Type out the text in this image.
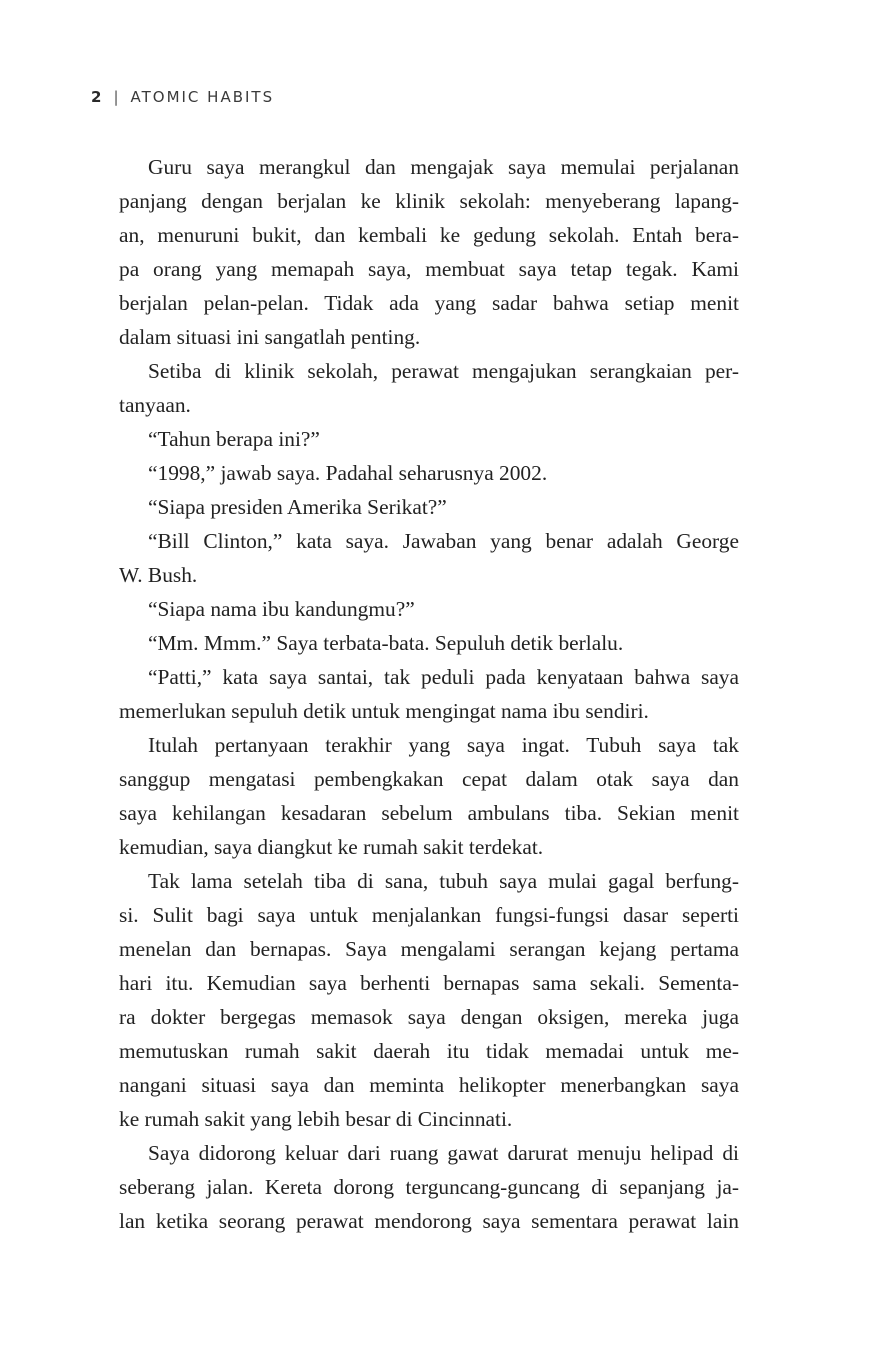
2 | ATOMIC HABITS
Guru saya merangkul dan mengajak saya memulai perjalanan
panjang dengan berjalan ke klinik sekolah: menyeberang lapang-
an, menuruni bukit, dan kembali ke gedung sekolah. Entah bera-
pa orang yang memapah saya, membuat saya tetap tegak. Kami
berjalan pelan-pelan. Tidak ada yang sadar bahwa setiap menit
dalam situasi ini sangatlah penting.
Setiba di klinik sekolah, perawat mengajukan serangkaian per-
tanyaan.
“Tahun berapa ini?”
“1998,” jawab saya. Padahal seharusnya 2002.
“Siapa presiden Amerika Serikat?”
“Bill Clinton,” kata saya. Jawaban yang benar adalah George
W. Bush.
“Siapa nama ibu kandungmu?”
“Mm. Mmm.” Saya terbata-bata. Sepuluh detik berlalu.
“Patti,” kata saya santai, tak peduli pada kenyataan bahwa saya
memerlukan sepuluh detik untuk mengingat nama ibu sendiri.
Itulah pertanyaan terakhir yang saya ingat. Tubuh saya tak
sanggup mengatasi pembengkakan cepat dalam otak saya dan
saya kehilangan kesadaran sebelum ambulans tiba. Sekian menit
kemudian, saya diangkut ke rumah sakit terdekat.
Tak lama setelah tiba di sana, tubuh saya mulai gagal berfung-
si. Sulit bagi saya untuk menjalankan fungsi-fungsi dasar seperti
menelan dan bernapas. Saya mengalami serangan kejang pertama
hari itu. Kemudian saya berhenti bernapas sama sekali. Sementa-
ra dokter bergegas memasok saya dengan oksigen, mereka juga
memutuskan rumah sakit daerah itu tidak memadai untuk me-
nangani situasi saya dan meminta helikopter menerbangkan saya
ke rumah sakit yang lebih besar di Cincinnati.
Saya didorong keluar dari ruang gawat darurat menuju helipad di
seberang jalan. Kereta dorong terguncang-guncang di sepanjang ja-
lan ketika seorang perawat mendorong saya sementara perawat lain
